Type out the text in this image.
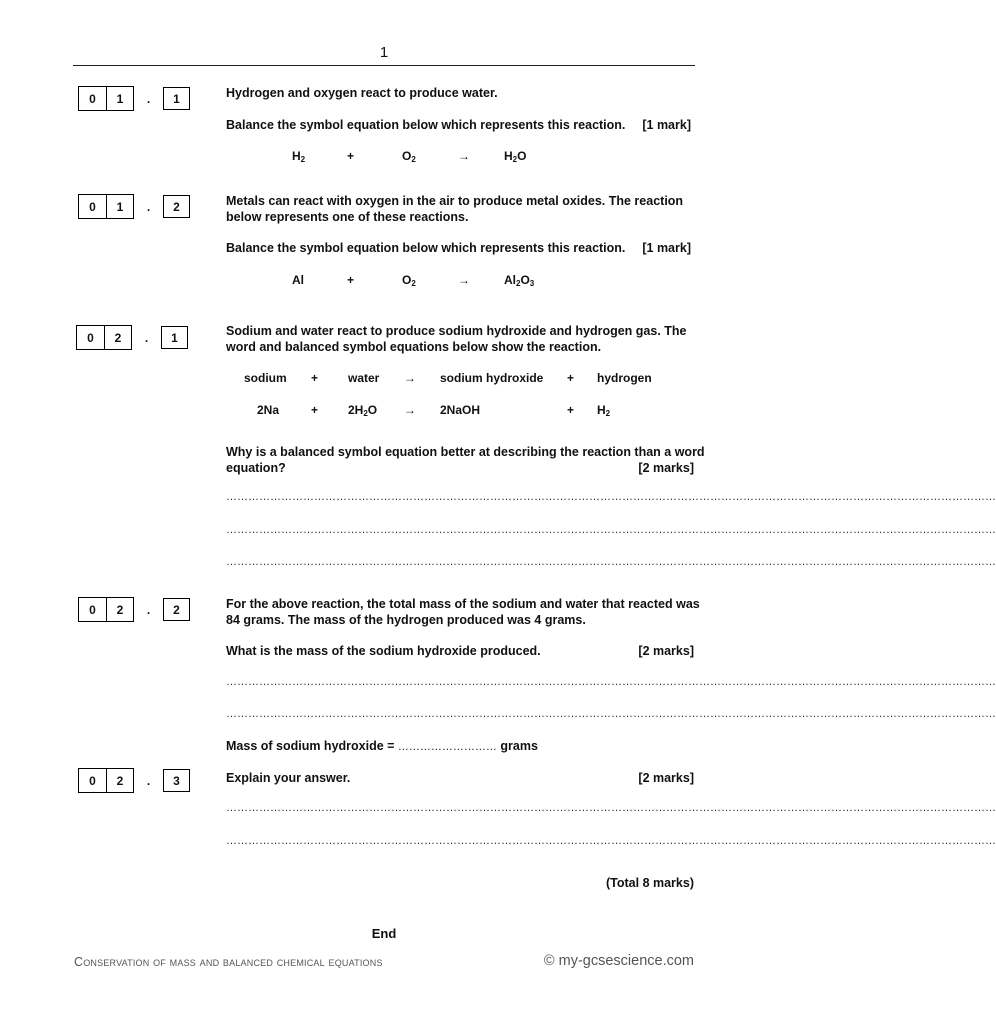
1
0	1	.	1	Hydrogen and oxygen react to produce water.
Balance the symbol equation below which represents this reaction.	[1 mark]
$H_2$	+	$O_2$	→	$H_2O$
0	1	.	2	Metals can react with oxygen in the air to produce metal oxides. The reaction
below represents one of these reactions.
Balance the symbol equation below which represents this reaction.	[1 mark]
Al	+	$O_2$	→	$Al_2O_3$
0	2	.	1	Sodium and water react to produce sodium hydroxide and hydrogen gas. The
word and balanced symbol equations below show the reaction.
sodium + water → sodium hydroxide + hydrogen
2Na	+ $2H_2O$ → 2NaOH	+ $H_2$
Why is a balanced symbol equation better at describing the reaction than a word
equation?	[2 marks]
…………………………………………………………………………………………………………………………………………………………………………………………
…………………………………………………………………………………………………………………………………………………………………………………………
…………………………………………………………………………………………………………………………………………………………………………………………
0	2	.	2	For the above reaction, the total mass of the sodium and water that reacted was
84 grams. The mass of the hydrogen produced was 4 grams.
What is the mass of the sodium hydroxide produced.	[2 marks]
…………………………………………………………………………………………………………………………………………………………………………………………
…………………………………………………………………………………………………………………………………………………………………………………………
Mass of sodium hydroxide = ……………………… grams
0	2	.	3	Explain your answer.	[2 marks]
…………………………………………………………………………………………………………………………………………………………………………………………
…………………………………………………………………………………………………………………………………………………………………………………………
(Total 8 marks)
End
Conservation of mass and balanced chemical equations	© my-gcsescience.com
